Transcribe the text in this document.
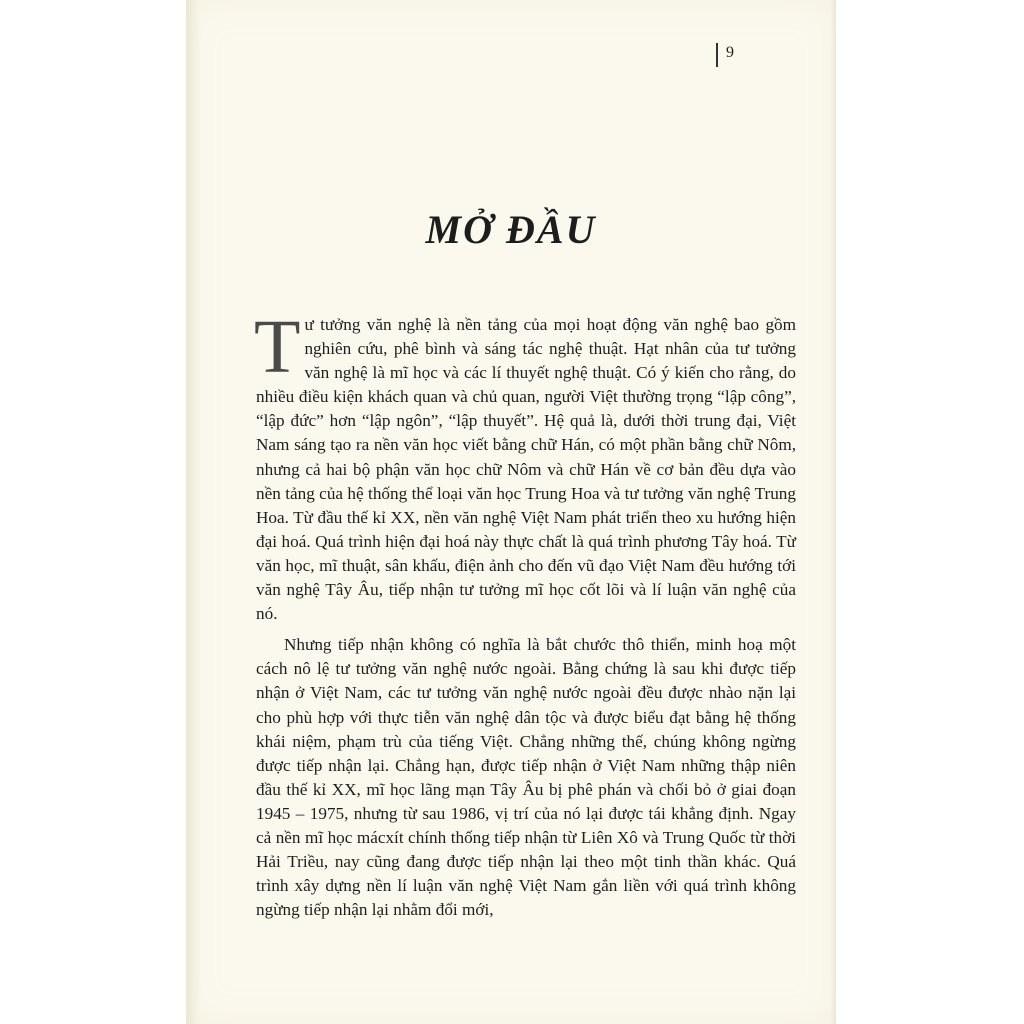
9
MỞ ĐẦU

Tư tưởng văn nghệ là nền tảng của mọi hoạt động văn nghệ bao gồm nghiên cứu, phê bình và sáng tác nghệ thuật. Hạt nhân của tư tưởng văn nghệ là mĩ học và các lí thuyết nghệ thuật. Có ý kiến cho rằng, do nhiều điều kiện khách quan và chủ quan, người Việt thường trọng “lập công”, “lập đức” hơn “lập ngôn”, “lập thuyết”. Hệ quả là, dưới thời trung đại, Việt Nam sáng tạo ra nền văn học viết bằng chữ Hán, có một phần bằng chữ Nôm, nhưng cả hai bộ phận văn học chữ Nôm và chữ Hán về cơ bản đều dựa vào nền tảng của hệ thống thể loại văn học Trung Hoa và tư tưởng văn nghệ Trung Hoa. Từ đầu thế kỉ XX, nền văn nghệ Việt Nam phát triển theo xu hướng hiện đại hoá. Quá trình hiện đại hoá này thực chất là quá trình phương Tây hoá. Từ văn học, mĩ thuật, sân khấu, điện ảnh cho đến vũ đạo Việt Nam đều hướng tới văn nghệ Tây Âu, tiếp nhận tư tưởng mĩ học cốt lõi và lí luận văn nghệ của nó.

Nhưng tiếp nhận không có nghĩa là bắt chước thô thiển, minh hoạ một cách nô lệ tư tưởng văn nghệ nước ngoài. Bằng chứng là sau khi được tiếp nhận ở Việt Nam, các tư tưởng văn nghệ nước ngoài đều được nhào nặn lại cho phù hợp với thực tiễn văn nghệ dân tộc và được biểu đạt bằng hệ thống khái niệm, phạm trù của tiếng Việt. Chẳng những thế, chúng không ngừng được tiếp nhận lại. Chẳng hạn, được tiếp nhận ở Việt Nam những thập niên đầu thế kỉ XX, mĩ học lãng mạn Tây Âu bị phê phán và chối bỏ ở giai đoạn 1945 – 1975, nhưng từ sau 1986, vị trí của nó lại được tái khẳng định. Ngay cả nền mĩ học mácxít chính thống tiếp nhận từ Liên Xô và Trung Quốc từ thời Hải Triều, nay cũng đang được tiếp nhận lại theo một tinh thần khác. Quá trình xây dựng nền lí luận văn nghệ Việt Nam gắn liền với quá trình không ngừng tiếp nhận lại nhằm đổi mới,
